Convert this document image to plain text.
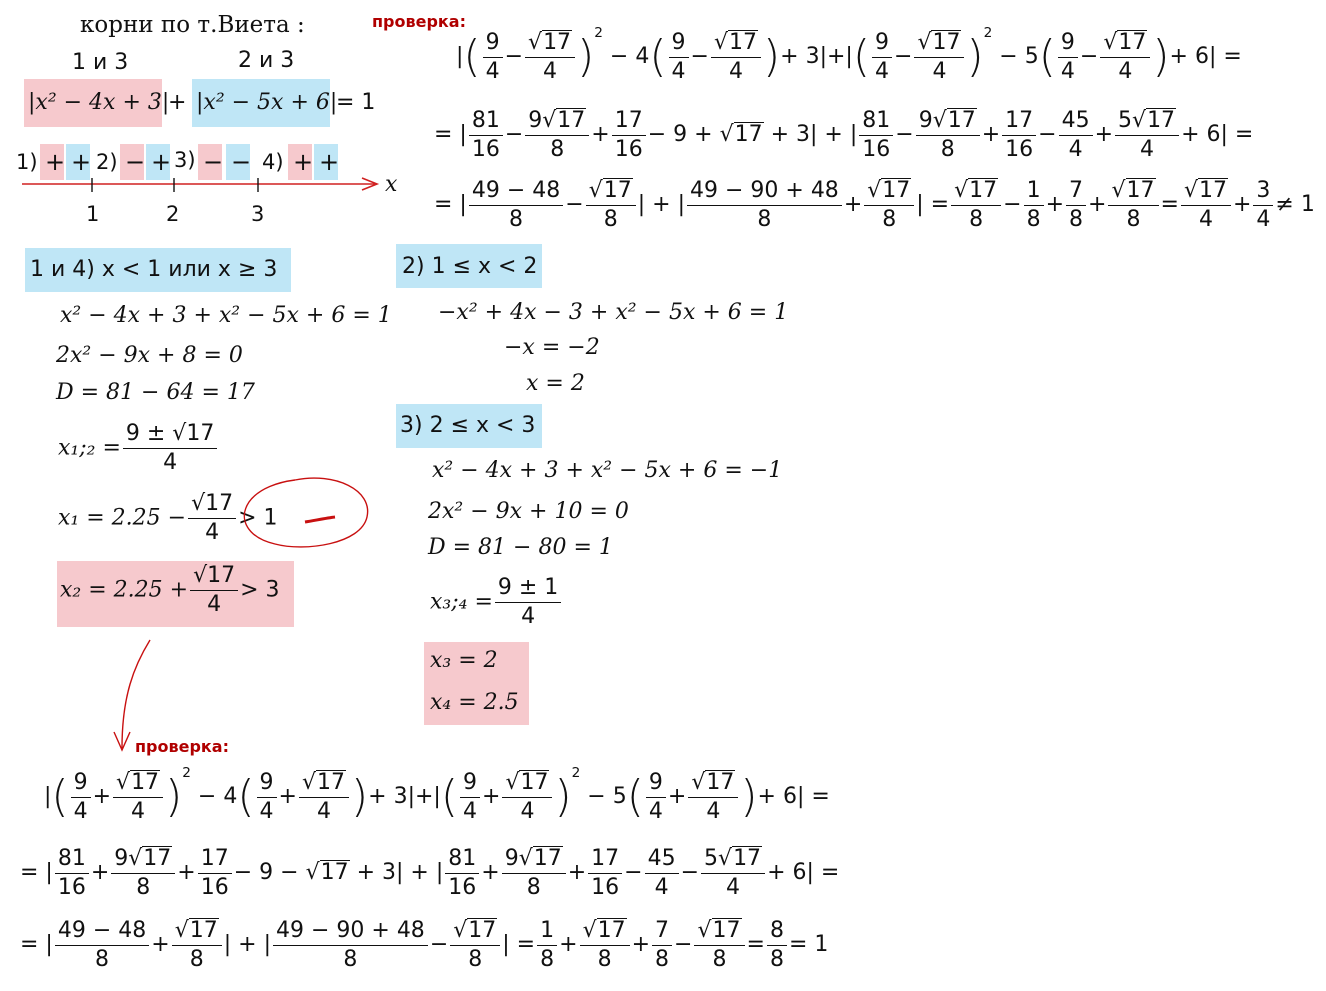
корни по т.Виета :
1 и 3	2 и 3
|x² − 4x + 3|
+ |x² − 5x + 6|
= 1
1) + + 2) − + 3) − − 4) + +
x
1	2	3
проверка:
|( $\frac{9}{4} - \frac{√17}{4} )^2 - 4( \frac{9}{4} - \frac{√17}{4}$ )+ $3|+|( \frac{9}{4} - \frac{√17}{4} )^2 - 5( \frac{9}{4} - \frac{√17}{4}$ )+ 6| =
= | $\frac{81}{16} - \frac{9√17}{8} + \frac{17}{16} - 9 + √17 + 3|$ + | $\frac{81}{16} - \frac{9√17}{8} + \frac{17}{16} - \frac{45}{4} + \frac{5√17}{4} + 6|$ =
= | $\frac{49 - 48}{8} - \frac{√17}{8}$ | + | $\frac{49 - 90 + 48}{8} + \frac{√17}{8}$ | = $\frac{√17}{8} - \frac{1}{8} + \frac{7}{8} + \frac{√17}{8} = \frac{√17}{4} + \frac{3}{4} \ne 1$
1 и 4) x < 1 или x ≥ 3
x² − 4x + 3 + x² − 5x + 6 = 1
2x² − 9x + 8 = 0
D = 81 − 64 = 17
x₁;₂ = $\frac{9 \pm √17}{4}$
$x_1 = 2.25 - \frac{√17}{4} > 1$
$x_2 = 2.25 + \frac{√17}{4} > 3$
2) 1 ≤ x < 2
−x² + 4x − 3 + x² − 5x + 6 = 1
−x = −2
x = 2
3) 2 ≤ x < 3
x² − 4x + 3 + x² − 5x + 6 = −1
2x² − 9x + 10 = 0
D = 81 − 80 = 1
x₃;₄ = $\frac{9 \pm 1}{4}$
x₃ = 2
x₄ = 2.5
проверка:
|( $\frac{9}{4} + \frac{√17}{4} )^2 - 4( \frac{9}{4} + \frac{√17}{4}$ )+ $3|+|( \frac{9}{4} + \frac{√17}{4} )^2 - 5( \frac{9}{4} + \frac{√17}{4}$ )+ 6| =
= | $\frac{81}{16} + \frac{9√17}{8} + \frac{17}{16} - 9 - √17 + 3|$ + | $\frac{81}{16} + \frac{9√17}{8} + \frac{17}{16} - \frac{45}{4} - \frac{5√17}{4} + 6|$ =
= | $\frac{49 - 48}{8} + \frac{√17}{8}$ | + | $\frac{49 - 90 + 48}{8} - \frac{√17}{8}$ | = $\frac{1}{8} + \frac{√17}{8} + \frac{7}{8} - \frac{√17}{8} = \frac{8}{8} = 1$
